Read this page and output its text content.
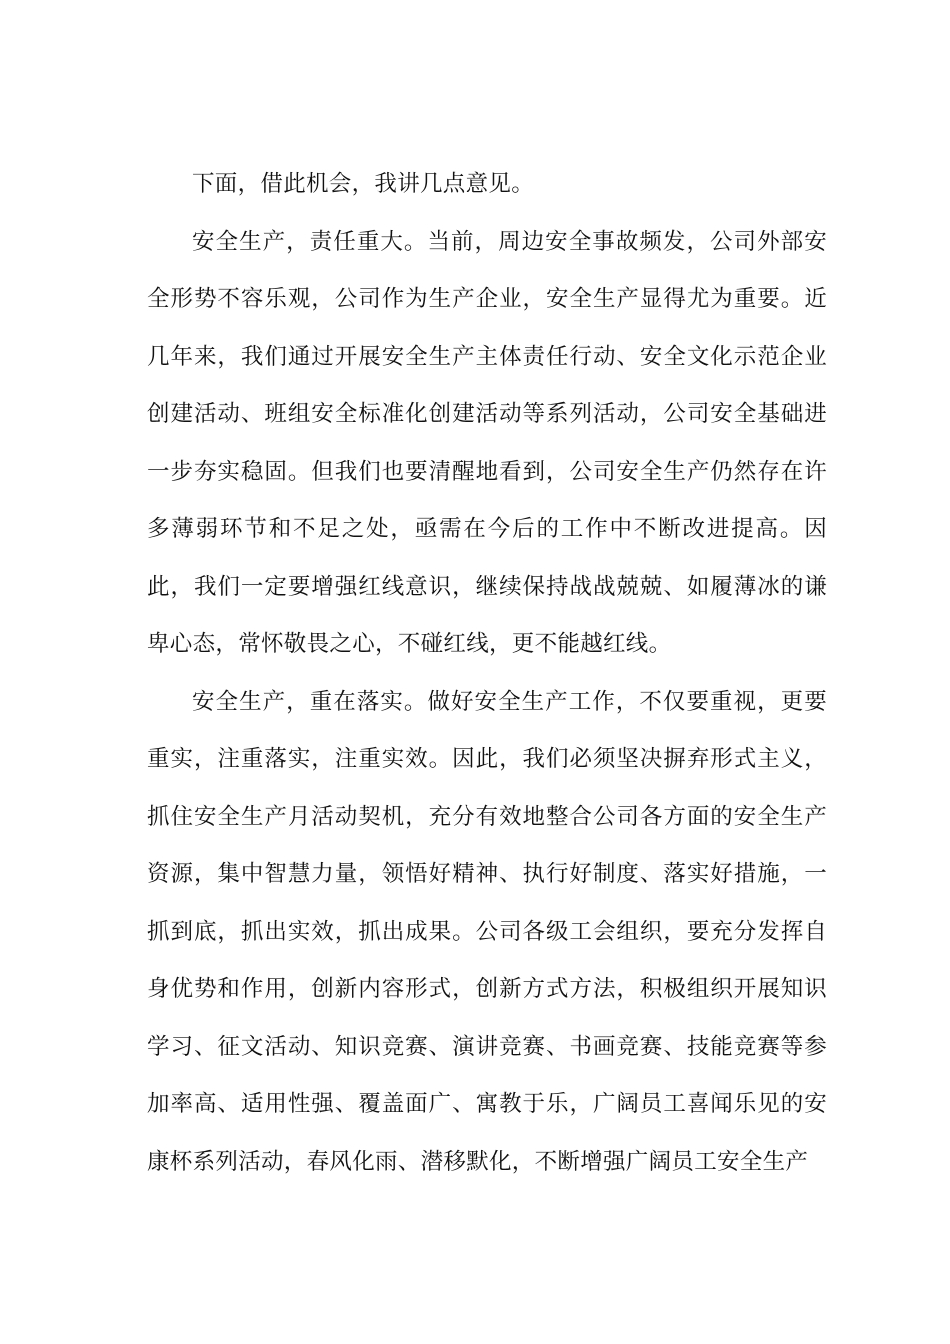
下面，借此机会，我讲几点意见。

安全生产，责任重大。当前，周边安全事故频发，公司外部安全形势不容乐观，公司作为生产企业，安全生产显得尤为重要。近几年来，我们通过开展安全生产主体责任行动、安全文化示范企业创建活动、班组安全标准化创建活动等系列活动，公司安全基础进一步夯实稳固。但我们也要清醒地看到，公司安全生产仍然存在许多薄弱环节和不足之处，亟需在今后的工作中不断改进提高。因此，我们一定要增强红线意识，继续保持战战兢兢、如履薄冰的谦卑心态，常怀敬畏之心，不碰红线，更不能越红线。

安全生产，重在落实。做好安全生产工作，不仅要重视，更要重实，注重落实，注重实效。因此，我们必须坚决摒弃形式主义，抓住安全生产月活动契机，充分有效地整合公司各方面的安全生产资源，集中智慧力量，领悟好精神、执行好制度、落实好措施，一抓到底，抓出实效，抓出成果。公司各级工会组织，要充分发挥自身优势和作用，创新内容形式，创新方式方法，积极组织开展知识学习、征文活动、知识竞赛、演讲竞赛、书画竞赛、技能竞赛等参加率高、适用性强、覆盖面广、寓教于乐，广阔员工喜闻乐见的安康杯系列活动，春风化雨、潜移默化，不断增强广阔员工安全生产
